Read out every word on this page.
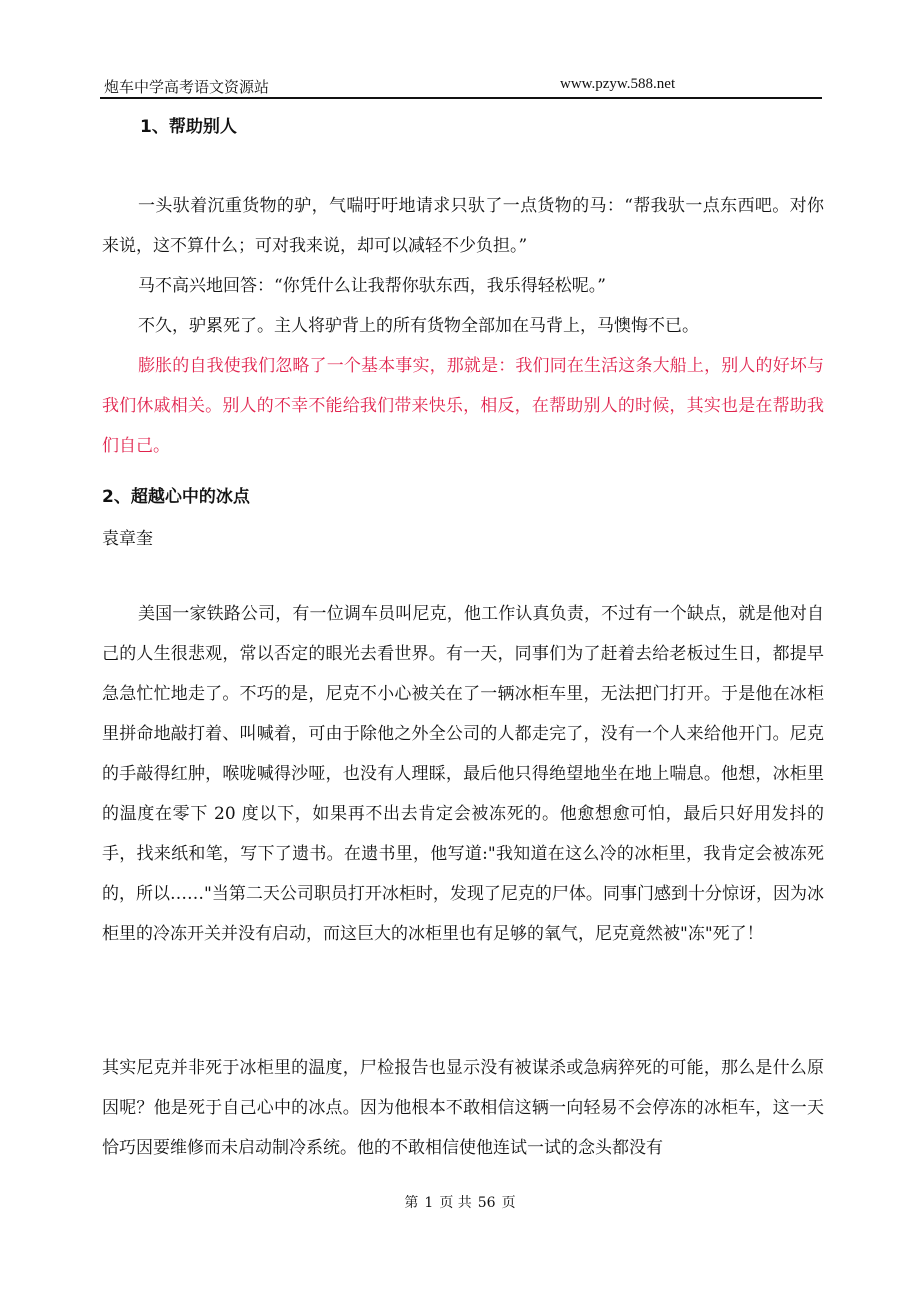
炮车中学高考语文资源站	www.pzyw.588.net
1、帮助别人

一头驮着沉重货物的驴，气喘吁吁地请求只驮了一点货物的马：“帮我驮一点东西吧。对你来说，这不算什么；可对我来说，却可以减轻不少负担。”

马不高兴地回答：“你凭什么让我帮你驮东西，我乐得轻松呢。”

不久，驴累死了。主人将驴背上的所有货物全部加在马背上，马懊悔不已。

膨胀的自我使我们忽略了一个基本事实，那就是：我们同在生活这条大船上，别人的好坏与我们休戚相关。别人的不幸不能给我们带来快乐，相反，在帮助别人的时候，其实也是在帮助我们自己。

2、超越心中的冰点
袁章奎

美国一家铁路公司，有一位调车员叫尼克，他工作认真负责，不过有一个缺点，就是他对自己的人生很悲观，常以否定的眼光去看世界。有一天，同事们为了赶着去给老板过生日，都提早急急忙忙地走了。不巧的是，尼克不小心被关在了一辆冰柜车里，无法把门打开。于是他在冰柜里拼命地敲打着、叫喊着，可由于除他之外全公司的人都走完了，没有一个人来给他开门。尼克的手敲得红肿，喉咙喊得沙哑，也没有人理睬，最后他只得绝望地坐在地上喘息。他想，冰柜里的温度在零下 20 度以下，如果再不出去肯定会被冻死的。他愈想愈可怕，最后只好用发抖的手，找来纸和笔，写下了遗书。在遗书里，他写道:"我知道在这么冷的冰柜里，我肯定会被冻死的，所以……"当第二天公司职员打开冰柜时，发现了尼克的尸体。同事门感到十分惊讶，因为冰柜里的冷冻开关并没有启动，而这巨大的冰柜里也有足够的氧气，尼克竟然被"冻"死了！

其实尼克并非死于冰柜里的温度，尸检报告也显示没有被谋杀或急病猝死的可能，那么是什么原因呢？他是死于自己心中的冰点。因为他根本不敢相信这辆一向轻易不会停冻的冰柜车，这一天恰巧因要维修而未启动制冷系统。他的不敢相信使他连试一试的念头都没有

第 1 页 共 56 页
